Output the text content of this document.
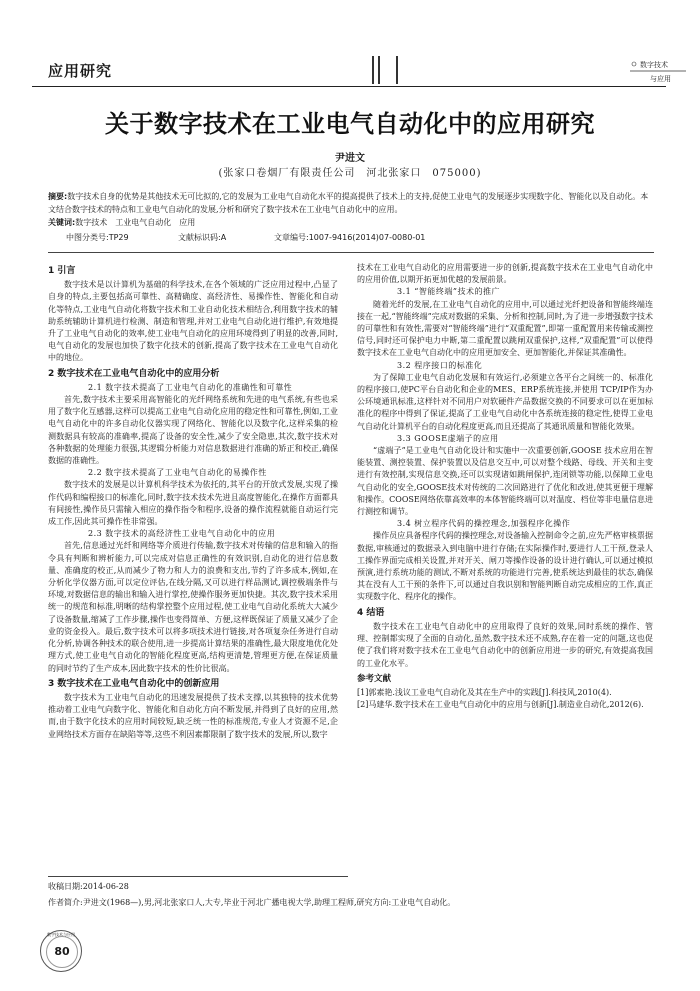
应用研究	数字技术
与应用
关于数字技术在工业电气自动化中的应用研究
尹进文
(张家口卷烟厂有限责任公司　河北张家口　075000)
摘要:数字技术自身的优势是其他技术无可比拟的,它的发展为工业电气自动化水平的提高提供了技术上的支持,促使工业电气的发展逐步实现数字化、智能化以及自动化。本文结合数字技术的特点和工业电气自动化的发展,分析和研究了数字技术在工业电气自动化中的应用。
关键词:数字技术　工业电气自动化　应用
中图分类号:TP29	文献标识码:A	文章编号:1007-9416(2014)07-0080-01
1 引言

数字技术是以计算机为基础的科学技术,在各个领域的广泛应用过程中,凸显了自身的特点,主要包括高可靠性、高精确度、高经济性、易操作性、智能化和自动化等特点,工业电气自动化将数字技术和工业自动化技术相结合,利用数字技术的辅助系统辅助计算机进行检测、制造和管理,并对工业电气自动化进行维护,有效地提升了工业电气自动化的效率,使工业电气自动化的应用环境得到了明显的改善,同时,电气自动化的发展也加快了数字化技术的创新,提高了数字技术在工业电气自动化中的地位。

2 数字技术在工业电气自动化中的应用分析
2.1 数字技术提高了工业电气自动化的准确性和可靠性

首先,数字技术主要采用高智能化的光纤网络系统和先进的电气系统,有些也采用了数字化互感器,这样可以提高工业电气自动化应用的稳定性和可靠性,例如,工业电气自动化中的许多自动化仪器实现了网络化、智能化以及数字化,这样采集的检测数据具有较高的准确率,提高了设备的安全性,减少了安全隐患,其次,数字技术对各种数据的处理能力很强,其逻辑分析能力对信息数据进行准确的矫正和校正,确保数据的准确性。

2.2 数字技术提高了工业电气自动化的易操作性

数字技术的发展是以计算机科学技术为依托的,其平台的开放式发展,实现了操作代码和编程接口的标准化,同时,数字技术技术先进且高度智能化,在操作方面都具有间接性,操作员只需输入相应的操作指令和程序,设备的操作流程就能自动运行完成工作,因此其可操作性非常强。

2.3 数字技术的高经济性工业电气自动化中的应用

首先,信息通过光纤和网络等介质进行传输,数字技术对传输的信息和输入的指令具有判断和辨析能力,可以完成对信息正确性的有效识别,自动化的进行信息数量、准确度的校正,从而减少了物力和人力的浪费和支出,节约了许多成本,例如,在分析化学仪器方面,可以定位评估,在线分隔,又可以进行样品测试,调控极端条件与环境,对数据信息的输出和输入进行掌控,使操作服务更加快捷。其次,数字技术采用统一的规范和标准,明晰的结构掌控整个应用过程,使工业电气自动化系统大大减少了设备数量,缩减了工作步骤,操作也变得简单、方便,这样既保证了质量又减少了企业的资金投入。最后,数字技术可以将多项技术进行链接,对各项复杂任务进行自动化分析,协调各种技术的联合使用,进一步提高计算结果的准确性,最大限度地优化处理方式,使工业电气自动化的智能化程度更高,结构更清楚,管理更方便,在保证质量的同时节约了生产成本,因此数字技术的性价比很高。

3 数字技术在工业电气自动化中的创新应用

数字技术为工业电气自动化的迅速发展提供了技术支撑,以其独特的技术优势推动着工业电气向数字化、智能化和自动化方向不断发展,并得到了良好的应用,然而,由于数字化技术的应用时间较短,缺乏统一性的标准规范,专业人才资源不足,企业网络技术方面存在缺陷等等,这些不利因素都限制了数字技术的发展,所以,数字

技术在工业电气自动化的应用需要进一步的创新,提高数字技术在工业电气自动化中的应用价值,以期开拓更加优越的发展前景。

3.1 “智能终端”技术的推广

随着光纤的发展,在工业电气自动化的应用中,可以通过光纤把设备和智能终端连接在一起,“智能终端”完成对数据的采集、分析和控制,同时,为了进一步增强数字技术的可靠性和有效性,需要对“智能终端”进行“双重配置”,即第一重配置用来传输或测控信号,同时还可保护电力中断,第二重配置以跳闸双重保护,这样,“双重配置”可以使得数字技术在工业电气自动化中的应用更加安全、更加智能化,并保证其准确性。

3.2 程序接口的标准化

为了保障工业电气自动化发展和有效运行,必须建立各平台之间统一的、标准化的程序接口,使PC平台自动化和企业的MES、ERP系统连接,并使用 TCP/IP作为办公环境通讯标准,这样针对不同用户对软硬件产品数据交换的不同要求可以在更加标准化的程序中得到了保证,提高了工业电气自动化中各系统连接的稳定性,使得工业电气自动化计算机平台的自动化程度更高,而且还提高了其通讯质量和智能化效果。

3.3 GOOSE虚端子的应用

“虚端子”是工业电气自动化设计和实施中一次重要创新,GOOSE 技术应用在智能装置、测控装置、保护装置以及信息交互中,可以对整个线路、母线、开关和主变进行有效控制,实现信息交换,还可以实现诸如跳闸保护,连闭锁等功能,以保障工业电气自动化的安全,GOOSE技术对传统的二次回路进行了优化和改进,使其更便于理解和操作。COOSE网络依靠高效率的本体智能终端可以对温度、档位等非电量信息进行测控和调节。

3.4 树立程序代码的操控理念,加强程序化操作

操作员应具备程序代码的操控理念,对设备输入控制命令之前,应先严格审核票据数据,审核通过的数据录入到电脑中进行存储;在实际操作时,要进行人工干预,登录人工操作界面完成相关设置,并对开关、闸刀等操作设备的设计进行确认,可以通过模拟预演,进行系统功能的测试,不断对系统的功能进行完善,使系统达到最佳的状态,确保其在没有人工干预的条件下,可以通过自我识别和智能判断自动完成相应的工作,真正实现数字化、程序化的操作。

4 结语

数字技术在工业电气自动化中的应用取得了良好的效果,同时系统的操作、管理、控制都实现了全面的自动化,虽然,数字技术还不成熟,存在着一定的问题,这也促使了我们将对数字技术在工业电气自动化中的创新应用进一步的研究,有效提高我国的工业化水平。

参考文献

[1]郭素艳.浅议工业电气自动化及其在生产中的实践[J].科技风,2010(4).

[2]马建华.数字技术在工业电气自动化中的应用与创新[J].制造业自动化,2012(6).

收稿日期:2014-06-28
作者简介:尹进文(1968—),男,河北张家口人,大专,毕业于河北广播电视大学,助理工程师,研究方向:工业电气自动化。
数字技术与应用
80
